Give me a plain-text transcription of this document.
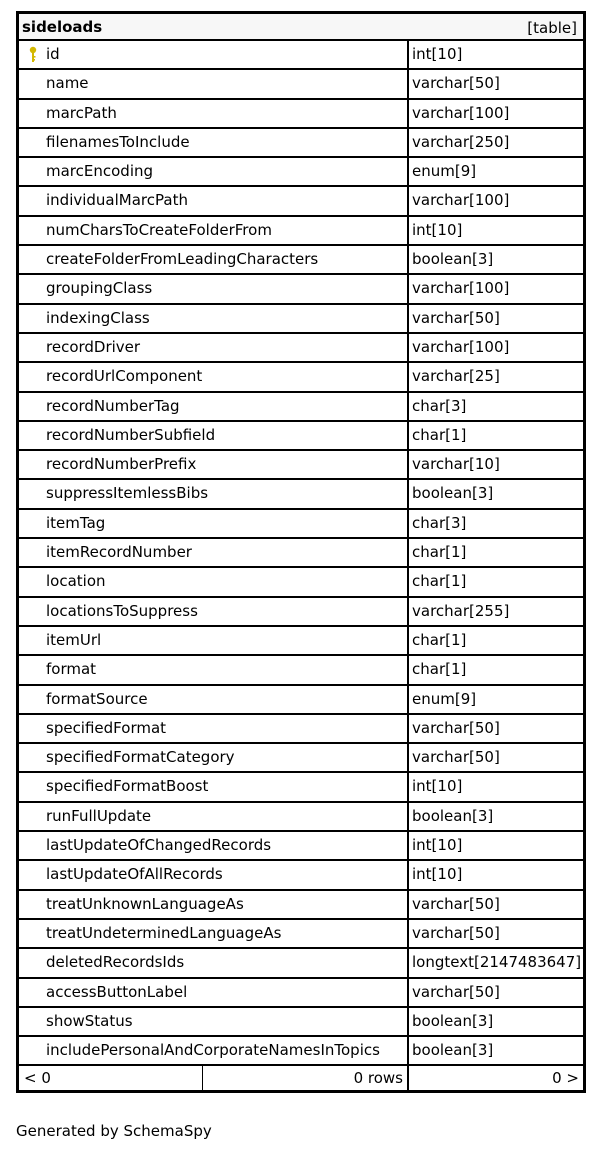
sideloads	[table]
id	int[10]
name	varchar[50]
marcPath	varchar[100]
filenamesToInclude	varchar[250]
marcEncoding	enum[9]
individualMarcPath	varchar[100]
numCharsToCreateFolderFrom	int[10]
createFolderFromLeadingCharacters	boolean[3]
groupingClass	varchar[100]
indexingClass	varchar[50]
recordDriver	varchar[100]
recordUrlComponent	varchar[25]
recordNumberTag	char[3]
recordNumberSubfield	char[1]
recordNumberPrefix	varchar[10]
suppressItemlessBibs	boolean[3]
itemTag	char[3]
itemRecordNumber	char[1]
location	char[1]
locationsToSuppress	varchar[255]
itemUrl	char[1]
format	char[1]
formatSource	enum[9]
specifiedFormat	varchar[50]
specifiedFormatCategory	varchar[50]
specifiedFormatBoost	int[10]
runFullUpdate	boolean[3]
lastUpdateOfChangedRecords	int[10]
lastUpdateOfAllRecords	int[10]
treatUnknownLanguageAs	varchar[50]
treatUndeterminedLanguageAs	varchar[50]
deletedRecordsIds	longtext[2147483647]
accessButtonLabel	varchar[50]
showStatus	boolean[3]
includePersonalAndCorporateNamesInTopics boolean[3]
< 0	0 rows	0 >
Generated by SchemaSpy
